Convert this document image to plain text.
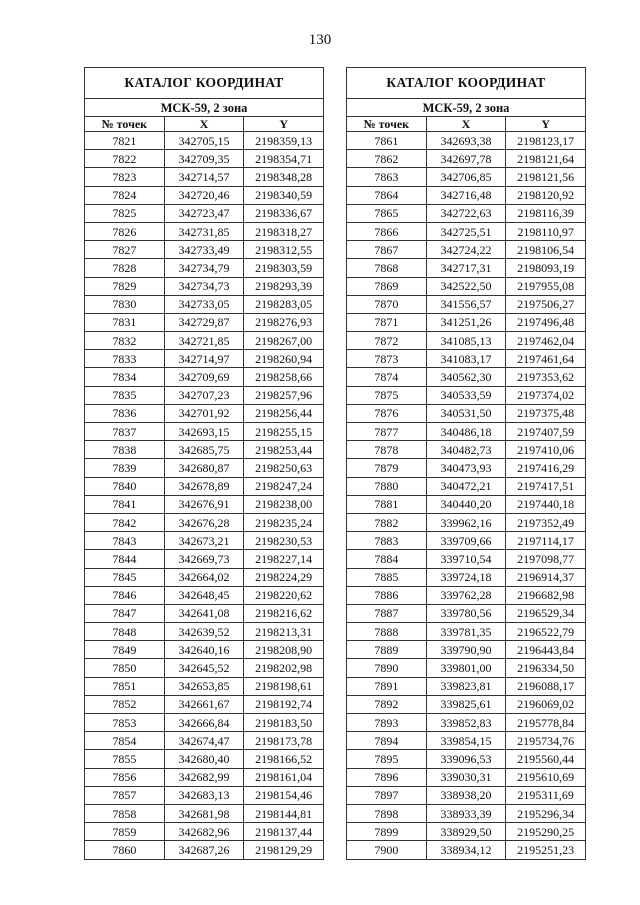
130
КАТАЛОГ КООРДИНАТ		
МСК-59, 2 зона		
№ точек	X	Y
7821	342705,15	2198359,13
7822	342709,35	2198354,71
7823	342714,57	2198348,28
7824	342720,46	2198340,59
7825	342723,47	2198336,67
7826	342731,85	2198318,27
7827	342733,49	2198312,55
7828	342734,79	2198303,59
7829	342734,73	2198293,39
7830	342733,05	2198283,05
7831	342729,87	2198276,93
7832	342721,85	2198267,00
7833	342714,97	2198260,94
7834	342709,69	2198258,66
7835	342707,23	2198257,96
7836	342701,92	2198256,44
7837	342693,15	2198255,15
7838	342685,75	2198253,44
7839	342680,87	2198250,63
7840	342678,89	2198247,24
7841	342676,91	2198238,00
7842	342676,28	2198235,24
7843	342673,21	2198230,53
7844	342669,73	2198227,14
7845	342664,02	2198224,29
7846	342648,45	2198220,62
7847	342641,08	2198216,62
7848	342639,52	2198213,31
7849	342640,16	2198208,90
7850	342645,52	2198202,98
7851	342653,85	2198198,61
7852	342661,67	2198192,74
7853	342666,84	2198183,50
7854	342674,47	2198173,78
7855	342680,40	2198166,52
7856	342682,99	2198161,04
7857	342683,13	2198154,46
7858	342681,98	2198144,81
7859	342682,96	2198137,44
7860	342687,26	2198129,29
КАТАЛОГ КООРДИНАТ		
МСК-59, 2 зона		
№ точек	X	Y
7861	342693,38	2198123,17
7862	342697,78	2198121,64
7863	342706,85	2198121,56
7864	342716,48	2198120,92
7865	342722,63	2198116,39
7866	342725,51	2198110,97
7867	342724,22	2198106,54
7868	342717,31	2198093,19
7869	342522,50	2197955,08
7870	341556,57	2197506,27
7871	341251,26	2197496,48
7872	341085,13	2197462,04
7873	341083,17	2197461,64
7874	340562,30	2197353,62
7875	340533,59	2197374,02
7876	340531,50	2197375,48
7877	340486,18	2197407,59
7878	340482,73	2197410,06
7879	340473,93	2197416,29
7880	340472,21	2197417,51
7881	340440,20	2197440,18
7882	339962,16	2197352,49
7883	339709,66	2197114,17
7884	339710,54	2197098,77
7885	339724,18	2196914,37
7886	339762,28	2196682,98
7887	339780,56	2196529,34
7888	339781,35	2196522,79
7889	339790,90	2196443,84
7890	339801,00	2196334,50
7891	339823,81	2196088,17
7892	339825,61	2196069,02
7893	339852,83	2195778,84
7894	339854,15	2195734,76
7895	339096,53	2195560,44
7896	339030,31	2195610,69
7897	338938,20	2195311,69
7898	338933,39	2195296,34
7899	338929,50	2195290,25
7900	338934,12	2195251,23
